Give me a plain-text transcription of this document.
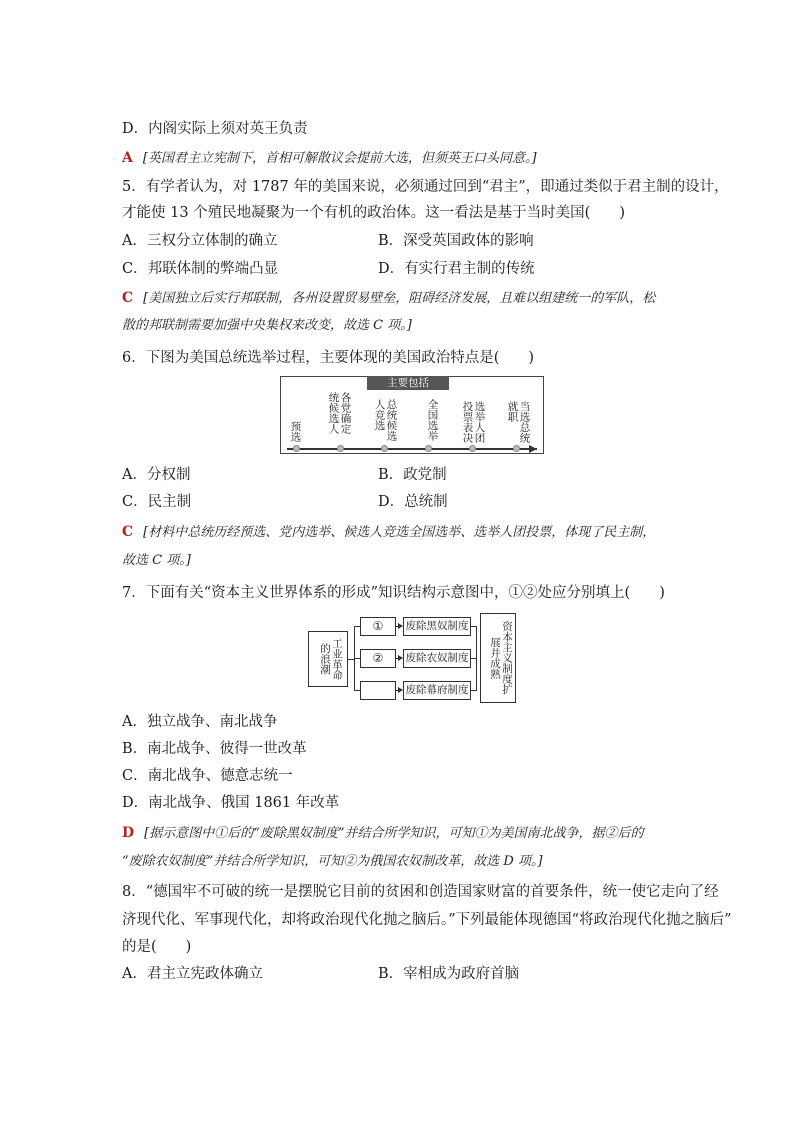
D．内阁实际上须对英王负责
A [英国君主立宪制下，首相可解散议会提前大选，但须英王口头同意。]
5．有学者认为，对 1787 年的美国来说，必须通过回到“君主”，即通过类似于君主制的设计，
才能使 13 个殖民地凝聚为一个有机的政治体。这一看法是基于当时美国(　　)
A．三权分立体制的确立	B．深受英国政体的影响
C．邦联体制的弊端凸显	D．有实行君主制的传统
C [美国独立后实行邦联制，各州设置贸易壁垒，阻碍经济发展，且难以组建统一的军队，松
散的邦联制需要加强中央集权来改变，故选 C 项。]
6．下图为美国总统选举过程，主要体现的美国政治特点是(　　)
主要包括
预选 统候选人 各党确定 人竞选 总统候选	全国选举 投票表决 选举人团 就职 当选总统
A．分权制	B．政党制
C．民主制	D．总统制
C [材料中总统历经预选、党内选举、候选人竞选全国选举、选举人团投票，体现了民主制，
故选 C 项。]
7．下面有关“资本主义世界体系的形成”知识结构示意图中，①②处应分别填上(　　)
工业革命的浪潮
①
②
废除黑奴制度
废除农奴制度
废除幕府制度	资本主义制度扩展并成熟
A．独立战争、南北战争
B．南北战争、彼得一世改革
C．南北战争、德意志统一
D．南北战争、俄国 1861 年改革
D [据示意图中①后的“废除黑奴制度”并结合所学知识，可知①为美国南北战争，据②后的
“废除农奴制度”并结合所学知识，可知②为俄国农奴制改革，故选 D 项。]
8．“德国牢不可破的统一是摆脱它目前的贫困和创造国家财富的首要条件，统一使它走向了经
济现代化、军事现代化，却将政治现代化抛之脑后。”下列最能体现德国“将政治现代化抛之脑后”
的是(　　)
A．君主立宪政体确立	B．宰相成为政府首脑
